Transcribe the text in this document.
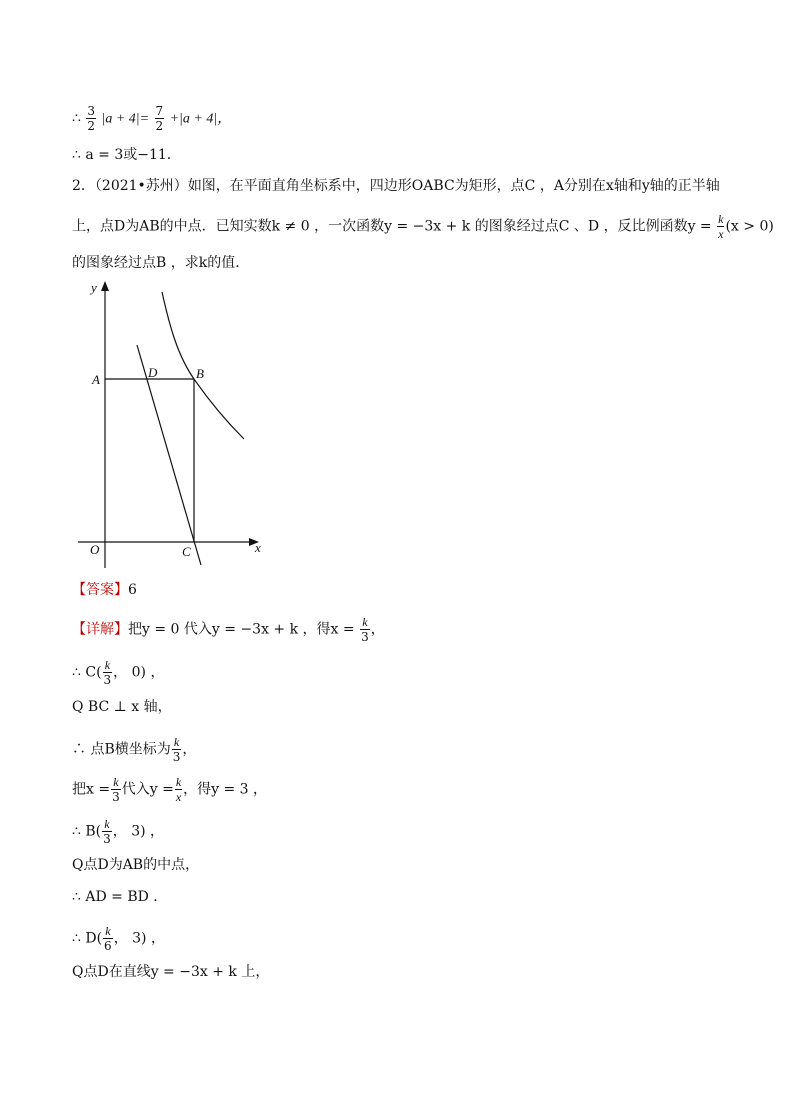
∴ $\frac{3}{2} |a + 4|= \frac{7}{2} +|a + 4|$，
∴ a = 3或−11．
2．（2021•苏州）如图，在平面直角坐标系中，四边形OABC为矩形，点C ，A分别在x轴和y轴的正半轴
上，点D为AB的中点．已知实数k ≠ 0 ，一次函数y = −3x + k 的图象经过点C 、D ，反比例函数$y = \frac{k}{x} (x > 0)$
的图象经过点B ，求k的值．
y
x
O
A	D	B
C
【答案】6
【详解】把y = 0 代入y = −3x + k ，得$x = \frac{k}{3}$ ，
∴ $C( \frac{k}{3}$ ， 0) ，
Q BC ⊥ x 轴，
∴ 点B横坐标为 $\frac{k}{3}$ ，
把$x = \frac{k}{3}$ 代入$y = \frac{k}{x}$ ，得y = 3 ，
∴ $B( \frac{k}{3}$ ， 3) ，
Q点D为AB的中点，
∴ AD = BD ．
∴ $D( \frac{k}{6}$ ， 3) ，
Q点D在直线y = −3x + k 上，
